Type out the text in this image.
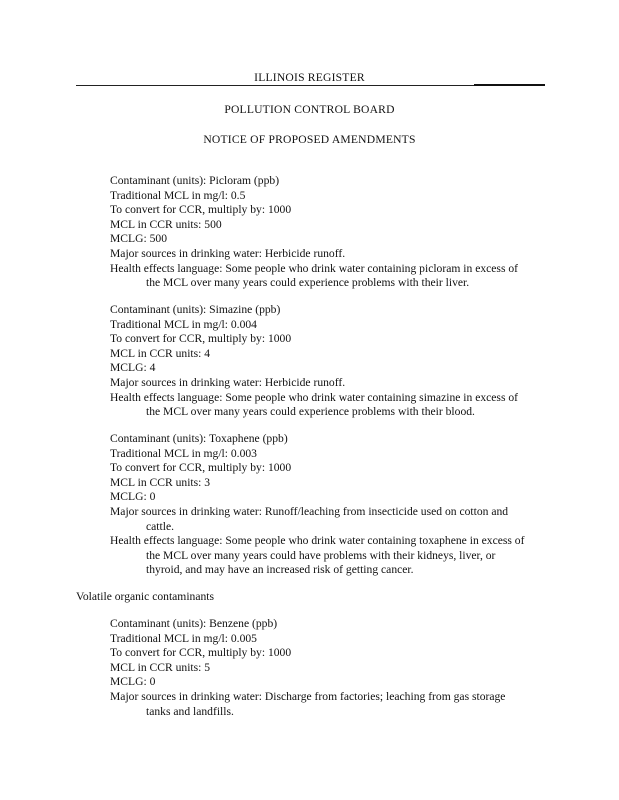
ILLINOIS REGISTER
POLLUTION CONTROL BOARD
NOTICE OF PROPOSED AMENDMENTS
Contaminant (units): Picloram (ppb)
Traditional MCL in mg/l: 0.5
To convert for CCR, multiply by: 1000
MCL in CCR units: 500
MCLG: 500
Major sources in drinking water: Herbicide runoff.
Health effects language: Some people who drink water containing picloram in excess of
the MCL over many years could experience problems with their liver.
Contaminant (units): Simazine (ppb)
Traditional MCL in mg/l: 0.004
To convert for CCR, multiply by: 1000
MCL in CCR units: 4
MCLG: 4
Major sources in drinking water: Herbicide runoff.
Health effects language: Some people who drink water containing simazine in excess of
the MCL over many years could experience problems with their blood.
Contaminant (units): Toxaphene (ppb)
Traditional MCL in mg/l: 0.003
To convert for CCR, multiply by: 1000
MCL in CCR units: 3
MCLG: 0
Major sources in drinking water: Runoff/leaching from insecticide used on cotton and
cattle.
Health effects language: Some people who drink water containing toxaphene in excess of
the MCL over many years could have problems with their kidneys, liver, or
thyroid, and may have an increased risk of getting cancer.
Volatile organic contaminants
Contaminant (units): Benzene (ppb)
Traditional MCL in mg/l: 0.005
To convert for CCR, multiply by: 1000
MCL in CCR units: 5
MCLG: 0
Major sources in drinking water: Discharge from factories; leaching from gas storage
tanks and landfills.
